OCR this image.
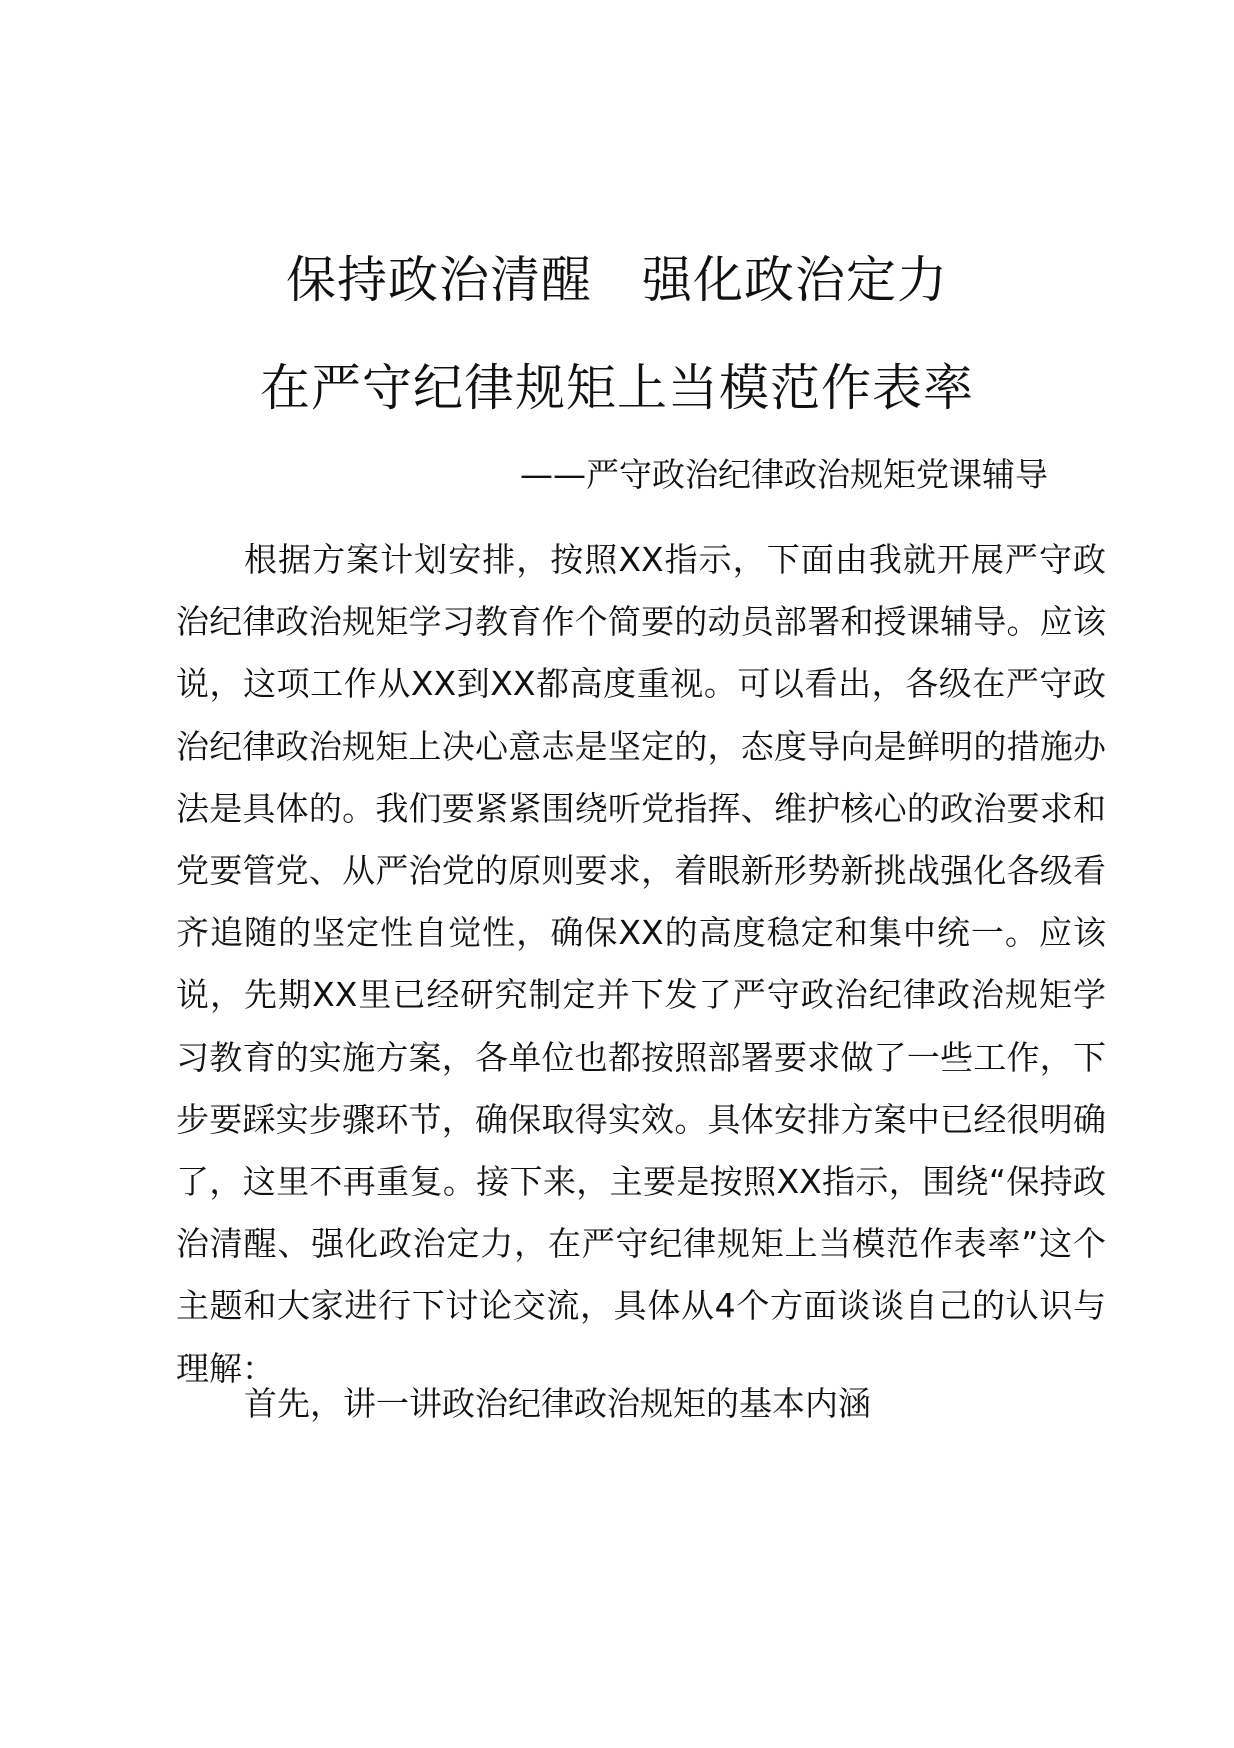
保持政治清醒 强化政治定力
在严守纪律规矩上当模范作表率
——严守政治纪律政治规矩党课辅导

根据方案计划安排，按照XX指示，下面由我就开展严守政治纪律政治规矩学习教育作个简要的动员部署和授课辅导。应该说，这项工作从XX到XX都高度重视。可以看出，各级在严守政治纪律政治规矩上决心意志是坚定的，态度导向是鲜明的措施办法是具体的。我们要紧紧围绕听党指挥、维护核心的政治要求和党要管党、从严治党的原则要求，着眼新形势新挑战强化各级看齐追随的坚定性自觉性，确保XX的高度稳定和集中统一。应该说，先期XX里已经研究制定并下发了严守政治纪律政治规矩学习教育的实施方案，各单位也都按照部署要求做了一些工作，下步要踩实步骤环节，确保取得实效。具体安排方案中已经很明确了，这里不再重复。接下来，主要是按照XX指示，围绕“保持政治清醒、强化政治定力，在严守纪律规矩上当模范作表率”这个主题和大家进行下讨论交流，具体从4个方面谈谈自己的认识与理解：

首先，讲一讲政治纪律政治规矩的基本内涵
